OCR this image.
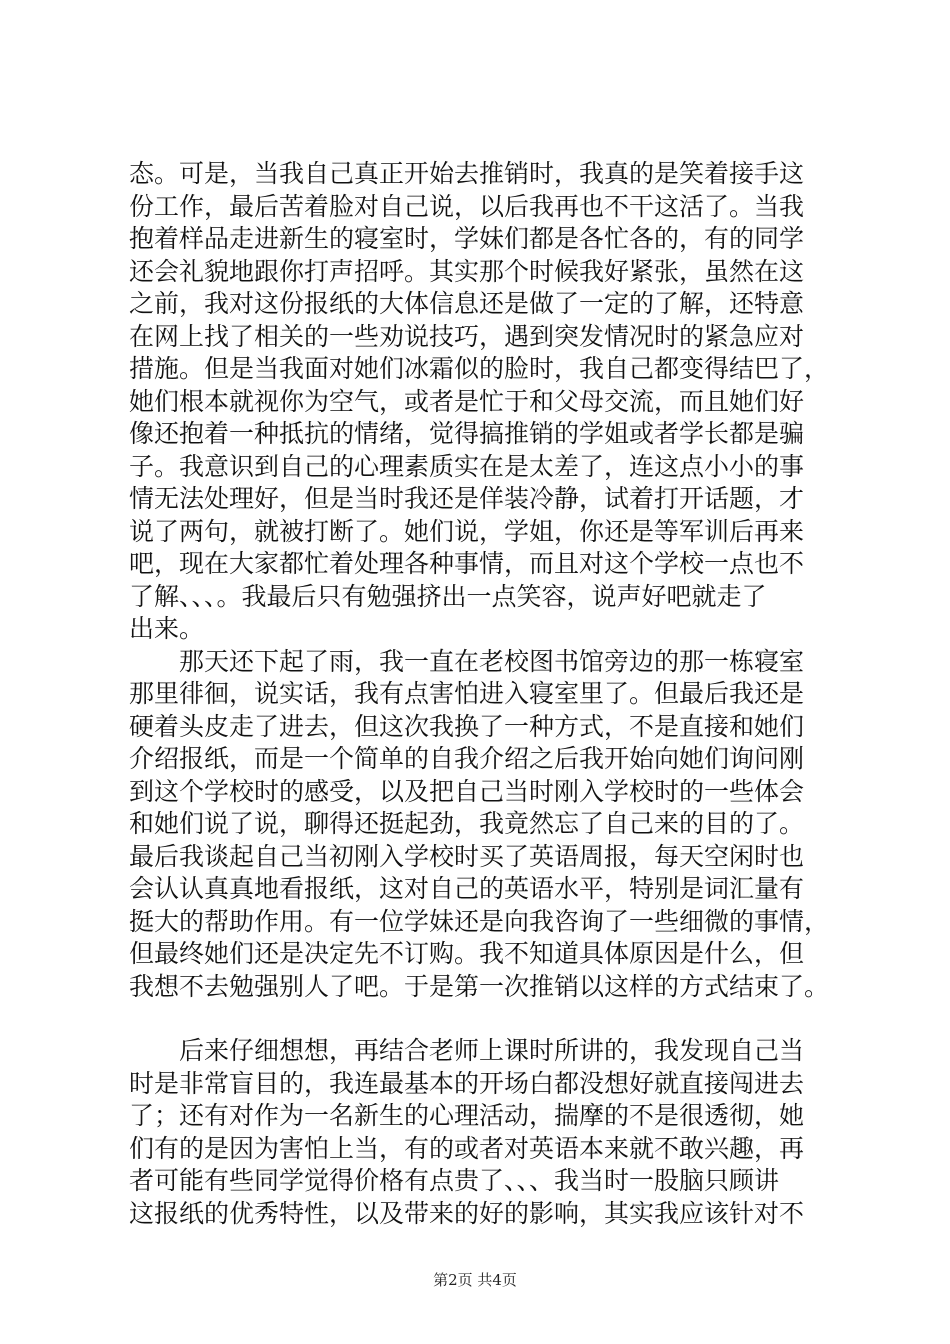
态。可是，当我自己真正开始去推销时，我真的是笑着接手这
份工作，最后苦着脸对自己说，以后我再也不干这活了。当我
抱着样品走进新生的寝室时，学妹们都是各忙各的，有的同学
还会礼貌地跟你打声招呼。其实那个时候我好紧张，虽然在这
之前，我对这份报纸的大体信息还是做了一定的了解，还特意
在网上找了相关的一些劝说技巧，遇到突发情况时的紧急应对
措施。但是当我面对她们冰霜似的脸时，我自己都变得结巴了，
她们根本就视你为空气，或者是忙于和父母交流，而且她们好
像还抱着一种抵抗的情绪，觉得搞推销的学姐或者学长都是骗
子。我意识到自己的心理素质实在是太差了，连这点小小的事
情无法处理好，但是当时我还是佯装冷静，试着打开话题，才
说了两句，就被打断了。她们说，学姐，你还是等军训后再来
吧，现在大家都忙着处理各种事情，而且对这个学校一点也不
了解、、、。我最后只有勉强挤出一点笑容，说声好吧就走了
出来。
　　那天还下起了雨，我一直在老校图书馆旁边的那一栋寝室
那里徘徊，说实话，我有点害怕进入寝室里了。但最后我还是
硬着头皮走了进去，但这次我换了一种方式，不是直接和她们
介绍报纸，而是一个简单的自我介绍之后我开始向她们询问刚
到这个学校时的感受，以及把自己当时刚入学校时的一些体会
和她们说了说，聊得还挺起劲，我竟然忘了自己来的目的了。
最后我谈起自己当初刚入学校时买了英语周报，每天空闲时也
会认认真真地看报纸，这对自己的英语水平，特别是词汇量有
挺大的帮助作用。有一位学妹还是向我咨询了一些细微的事情，
但最终她们还是决定先不订购。我不知道具体原因是什么，但
我想不去勉强别人了吧。于是第一次推销以这样的方式结束了。
　　后来仔细想想，再结合老师上课时所讲的，我发现自己当
时是非常盲目的，我连最基本的开场白都没想好就直接闯进去
了；还有对作为一名新生的心理活动，揣摩的不是很透彻，她
们有的是因为害怕上当，有的或者对英语本来就不敢兴趣，再
者可能有些同学觉得价格有点贵了、、、我当时一股脑只顾讲
这报纸的优秀特性，以及带来的好的影响，其实我应该针对不
第2页 共4页
